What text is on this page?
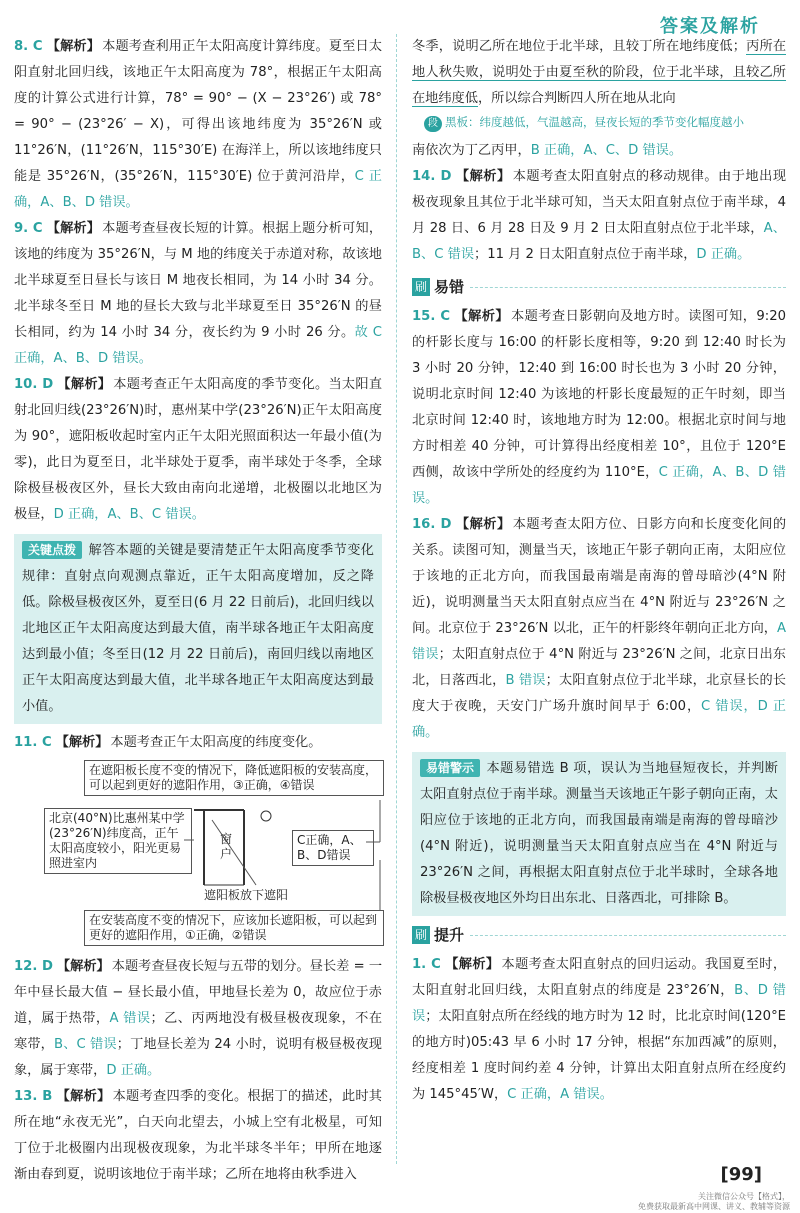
答案及解析

8. C 【解析】 本题考查利用正午太阳高度计算纬度。夏至日太阳直射北回归线，该地正午太阳高度为 78°，根据正午太阳高度的计算公式进行计算，78° = 90° − (X − 23°26′) 或 78° = 90° − (23°26′ − X)，可得出该地纬度为 35°26′N 或 11°26′N，(11°26′N，115°30′E) 在海洋上，所以该地纬度只能是 35°26′N，(35°26′N，115°30′E) 位于黄河沿岸，C 正确，A、B、D 错误。

9. C 【解析】 本题考查昼夜长短的计算。根据上题分析可知，该地的纬度为 35°26′N，与 M 地的纬度关于赤道对称，故该地北半球夏至日昼长与该日 M 地夜长相同，为 14 小时 34 分。北半球冬至日 M 地的昼长大致与北半球夏至日 35°26′N 的昼长相同，约为 14 小时 34 分，夜长约为 9 小时 26 分。故 C 正确，A、B、D 错误。

10. D 【解析】 本题考查正午太阳高度的季节变化。当太阳直射北回归线(23°26′N)时，惠州某中学(23°26′N)正午太阳高度为 90°，遮阳板收起时室内正午太阳光照面积达一年最小值(为零)，此日为夏至日，北半球处于夏季，南半球处于冬季，全球除极昼极夜区外，昼长大致由南向北递增，北极圈以北地区为极昼，D 正确，A、B、C 错误。

关键点拨 解答本题的关键是要清楚正午太阳高度季节变化规律：直射点向观测点靠近，正午太阳高度增加，反之降低。除极昼极夜区外，夏至日(6 月 22 日前后)，北回归线以北地区正午太阳高度达到最大值，南半球各地正午太阳高度达到最小值；冬至日(12 月 22 日前后)，南回归线以南地区正午太阳高度达到最大值，北半球各地正午太阳高度达到最小值。

11. C 【解析】 本题考查正午太阳高度的纬度变化。

在遮阳板长度不变的情况下，降低遮阳板的安装高度，可以起到更好的遮阳作用，③正确，④错误
北京(40°N)比惠州某中学(23°26′N)纬度高，正午太阳高度较小，阳光更易照进室内
C正确，A、B、D错误
窗户
遮阳板放下遮阳
在安装高度不变的情况下，应该加长遮阳板，可以起到更好的遮阳作用，①正确，②错误

12. D 【解析】 本题考查昼夜长短与五带的划分。昼长差 = 一年中昼长最大值 − 昼长最小值，甲地昼长差为 0，故应位于赤道，属于热带，A 错误；乙、丙两地没有极昼极夜现象，不在寒带，B、C 错误；丁地昼长差为 24 小时，说明有极昼极夜现象，属于寒带，D 正确。

13. B 【解析】 本题考查四季的变化。根据丁的描述，此时其所在地“永夜无光”，白天向北望去，小城上空有北极星，可知丁位于北极圈内出现极夜现象，为北半球冬半年；甲所在地逐渐由春到夏，说明该地位于南半球；乙所在地将由秋季进入

冬季，说明乙所在地位于北半球，且较丁所在地纬度低；丙所在地人秋失败，说明处于由夏至秋的阶段，位于北半球，且较乙所在地纬度低，所以综合判断四人所在地从北向

段 黑板：纬度越低，气温越高，昼夜长短的季节变化幅度越小

南依次为丁乙丙甲，B 正确，A、C、D 错误。

14. D 【解析】 本题考查太阳直射点的移动规律。由于地出现极夜现象且其位于北半球可知，当天太阳直射点位于南半球，4 月 28 日、6 月 28 日及 9 月 2 日太阳直射点位于北半球，A、B、C 错误；11 月 2 日太阳直射点位于南半球，D 正确。

刷 易错

15. C 【解析】 本题考查日影朝向及地方时。读图可知，9:20 的杆影长度与 16:00 的杆影长度相等，9:20 到 12:40 时长为 3 小时 20 分钟，12:40 到 16:00 时长也为 3 小时 20 分钟，说明北京时间 12:40 为该地的杆影长度最短的正午时刻，即当北京时间 12:40 时，该地地方时为 12:00。根据北京时间与地方时相差 40 分钟，可计算得出经度相差 10°，且位于 120°E 西侧，故该中学所处的经度约为 110°E，C 正确，A、B、D 错误。

16. D 【解析】 本题考查太阳方位、日影方向和长度变化间的关系。读图可知，测量当天，该地正午影子朝向正南，太阳应位于该地的正北方向，而我国最南端是南海的曾母暗沙(4°N 附近)，说明测量当天太阳直射点应当在 4°N 附近与 23°26′N 之间。北京位于 23°26′N 以北，正午的杆影终年朝向正北方向，A 错误；太阳直射点位于 4°N 附近与 23°26′N 之间，北京日出东北，日落西北，B 错误；太阳直射点位于北半球，北京昼长的长度大于夜晚，天安门广场升旗时间早于 6:00，C 错误，D 正确。

易错警示 本题易错选 B 项，误认为当地昼短夜长，并判断太阳直射点位于南半球。测量当天该地正午影子朝向正南，太阳应位于该地的正北方向，而我国最南端是南海的曾母暗沙(4°N 附近)，说明测量当天太阳直射点应当在 4°N 附近与 23°26′N 之间，再根据太阳直射点位于北半球时，全球各地除极昼极夜地区外均日出东北、日落西北，可排除 B。
刷 提升

1. C 【解析】 本题考查太阳直射点的回归运动。我国夏至时，太阳直射北回归线，太阳直射点的纬度是 23°26′N，B、D 错误；太阳直射点所在经线的地方时为 12 时，比北京时间(120°E 的地方时)05:43 早 6 小时 17 分钟，根据“东加西减”的原则，经度相差 1 度时间约差 4 分钟，计算出太阳直射点所在经度约为 145°45′W，C 正确，A 错误。

[99]
关注微信公众号【格式】，
免费获取最新高中网课、讲义、教辅等资源
